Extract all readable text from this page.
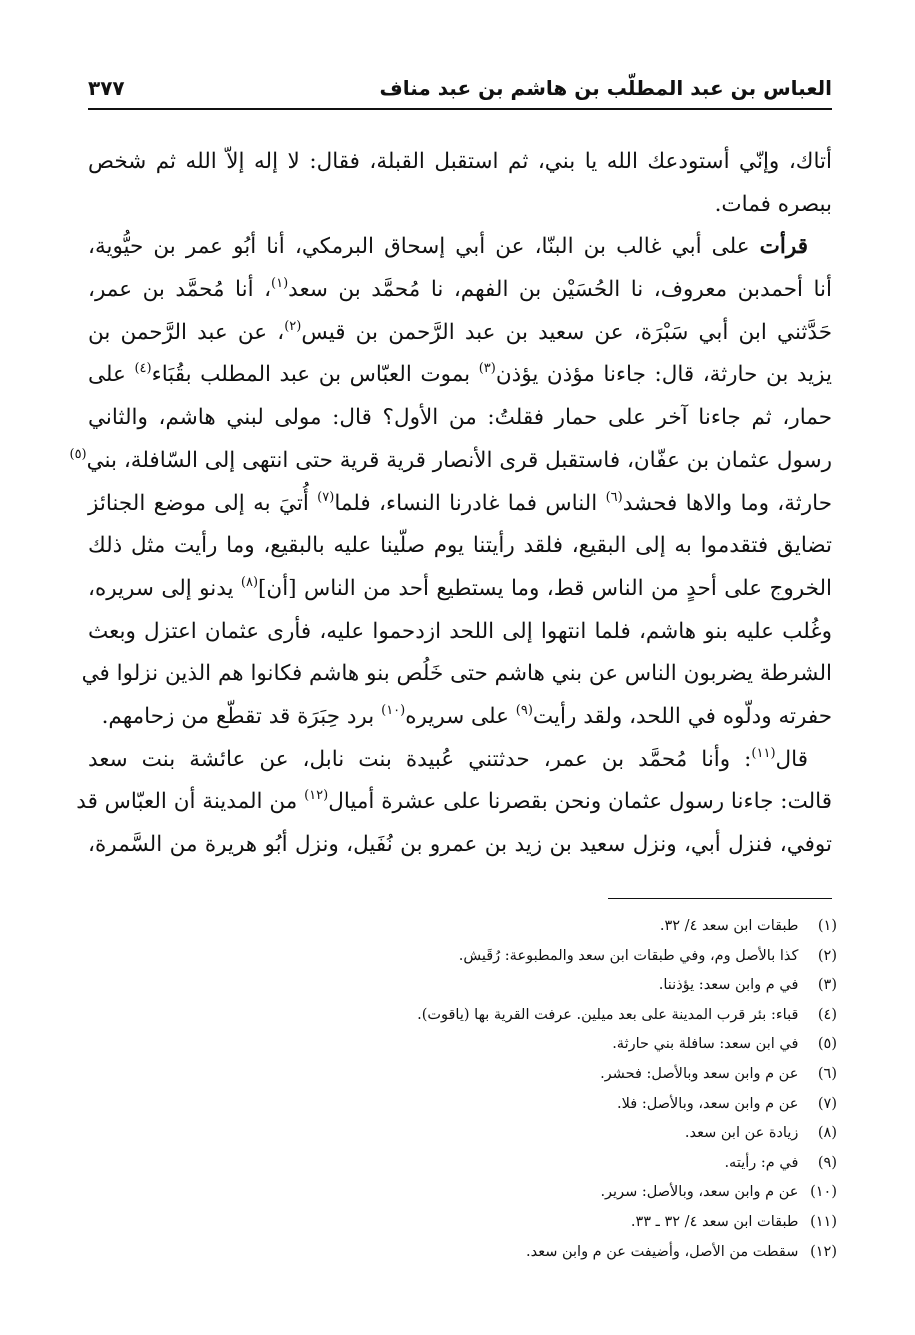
العباس بن عبد المطلّب بن هاشم بن عبد مناف
٣٧٧
أتاك، وإنّي أستودعك الله يا بني، ثم استقبل القبلة، فقال: لا إله إلاّ الله ثم شخص
ببصره فمات.
قرأت على أبي غالب بن البنّا، عن أبي إسحاق البرمكي، أنا أبُو عمر بن حيُّوية،
أنا أحمدبن معروف، نا الحُسَيْن بن الفهم، نا مُحمَّد بن سعد$^{(١)}$، أنا مُحمَّد بن عمر،
حَدَّثني ابن أبي سَبْرَة، عن سعيد بن عبد الرَّحمن بن قيس$^{(٢)}$، عن عبد الرَّحمن بن
يزيد بن حارثة، قال: جاءنا مؤذن يؤذن$^{(٣)}$ بموت العبّاس بن عبد المطلب بقُبَاء$^{(٤)}$ على
حمار، ثم جاءنا آخر على حمار فقلتُ: من الأول؟ قال: مولى لبني هاشم، والثاني
رسول عثمان بن عفّان، فاستقبل قرى الأنصار قرية قرية حتى انتهى إلى السّافلة، بني$^{(٥)}$
حارثة، وما والاها فحشد$^{(٦)}$ الناس فما غادرنا النساء، فلما$^{(٧)}$ أُتيَ به إلى موضع الجنائز
تضايق فتقدموا به إلى البقيع، فلقد رأيتنا يوم صلّينا عليه بالبقيع، وما رأيت مثل ذلك
الخروج على أحدٍ من الناس قط، وما يستطيع أحد من الناس [أن]$^{(٨)}$ يدنو إلى سريره،
وغُلب عليه بنو هاشم، فلما انتهوا إلى اللحد ازدحموا عليه، فأرى عثمان اعتزل وبعث
الشرطة يضربون الناس عن بني هاشم حتى خَلُص بنو هاشم فكانوا هم الذين نزلوا في
حفرته ودلّوه في اللحد، ولقد رأيت$^{(٩)}$ على سريره$^{(١٠)}$ برد حِبَرَة قد تقطّع من زحامهم.
قال$^{(١١)}$: وأنا مُحمَّد بن عمر، حدثتني عُبيدة بنت نابل، عن عائشة بنت سعد
قالت: جاءنا رسول عثمان ونحن بقصرنا على عشرة أميال$^{(١٢)}$ من المدينة أن العبّاس قد
توفي، فنزل أبي، ونزل سعيد بن زيد بن عمرو بن نُفَيل، ونزل أبُو هريرة من السَّمرة،
(١) طبقات ابن سعد ٤/ ٣٢.
(٢) كذا بالأصل وم، وفي طبقات ابن سعد والمطبوعة: رُقَيش.
(٣) في م وابن سعد: يؤذننا.
(٤) قباء: بئر قرب المدينة على بعد ميلين. عرفت القرية بها (ياقوت).
(٥) في ابن سعد: سافلة بني حارثة.
(٦) عن م وابن سعد وبالأصل: فحشر.
(٧) عن م وابن سعد، وبالأصل: فلا.
(٨) زيادة عن ابن سعد.
(٩) في م: رأيته.
(١٠) عن م وابن سعد، وبالأصل: سرير.
(١١) طبقات ابن سعد ٤/ ٣٢ ـ ٣٣.
(١٢) سقطت من الأصل، وأضيفت عن م وابن سعد.
